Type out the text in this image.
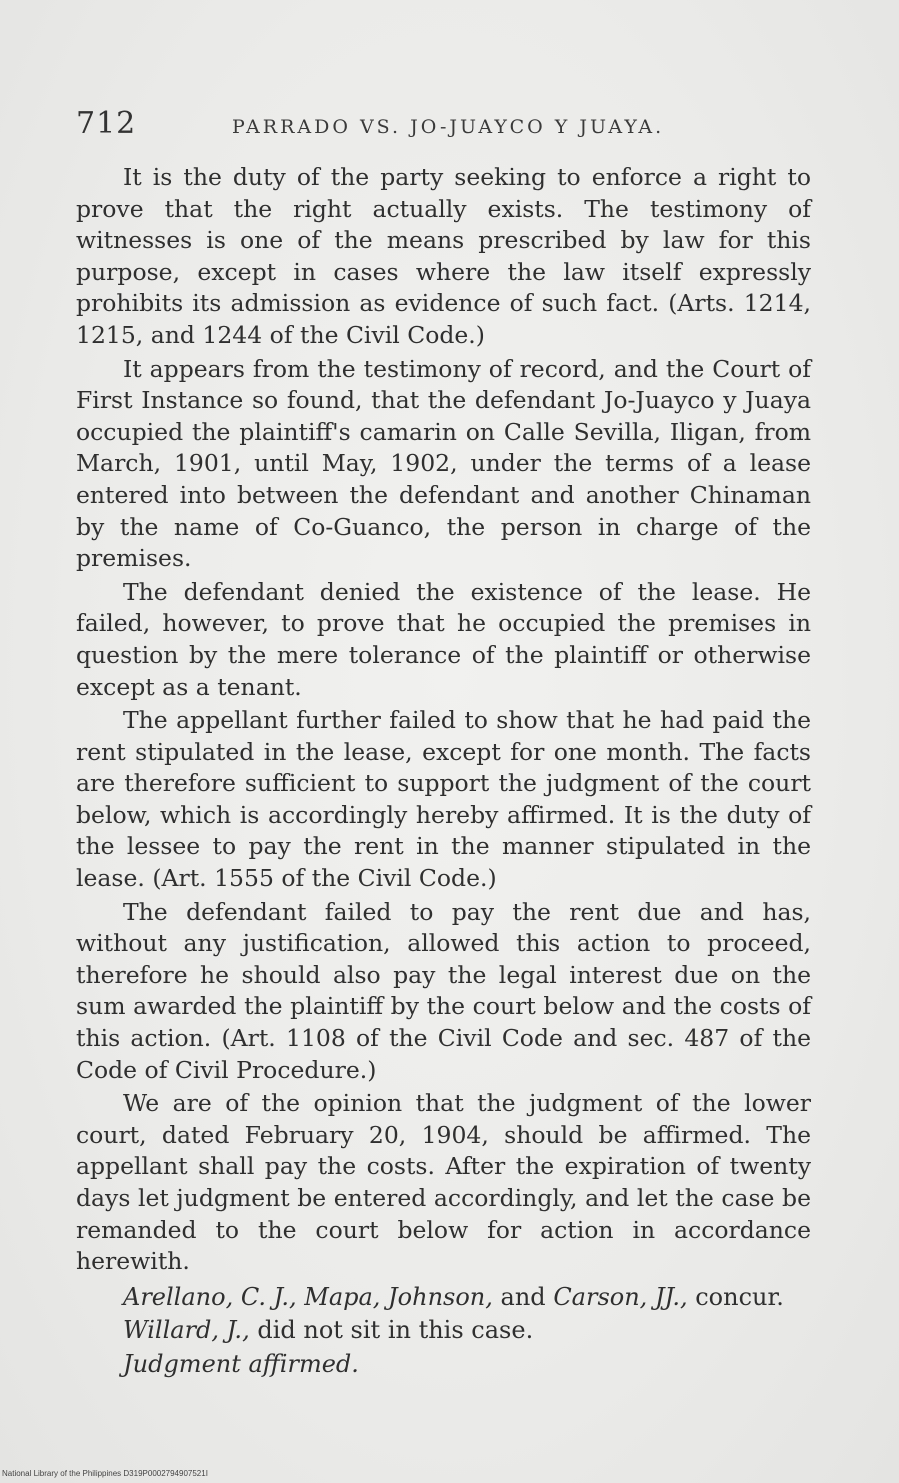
712	PARRADO VS. JO-JUAYCO Y JUAYA.

It is the duty of the party seeking to enforce a right to prove that the right actually exists. The testimony of witnesses is one of the means prescribed by law for this purpose, except in cases where the law itself expressly prohibits its admission as evidence of such fact. (Arts. 1214, 1215, and 1244 of the Civil Code.)

It appears from the testimony of record, and the Court of First Instance so found, that the defendant Jo-Juayco y Juaya occupied the plaintiff's camarin on Calle Sevilla, Iligan, from March, 1901, until May, 1902, under the terms of a lease entered into between the defendant and another Chinaman by the name of Co-Guanco, the person in charge of the premises.

The defendant denied the existence of the lease. He failed, however, to prove that he occupied the premises in question by the mere tolerance of the plaintiff or otherwise except as a tenant.

The appellant further failed to show that he had paid the rent stipulated in the lease, except for one month. The facts are therefore sufficient to support the judgment of the court below, which is accordingly hereby affirmed. It is the duty of the lessee to pay the rent in the manner stipulated in the lease. (Art. 1555 of the Civil Code.)

The defendant failed to pay the rent due and has, without any justification, allowed this action to proceed, therefore he should also pay the legal interest due on the sum awarded the plaintiff by the court below and the costs of this action. (Art. 1108 of the Civil Code and sec. 487 of the Code of Civil Procedure.)

We are of the opinion that the judgment of the lower court, dated February 20, 1904, should be affirmed. The appellant shall pay the costs. After the expiration of twenty days let judgment be entered accordingly, and let the case be remanded to the court below for action in accordance herewith.

Arellano, C. J., Mapa, Johnson, and Carson, JJ., concur.

Willard, J., did not sit in this case.

Judgment affirmed.

National Library of the Philippines D319P0002794907521I
